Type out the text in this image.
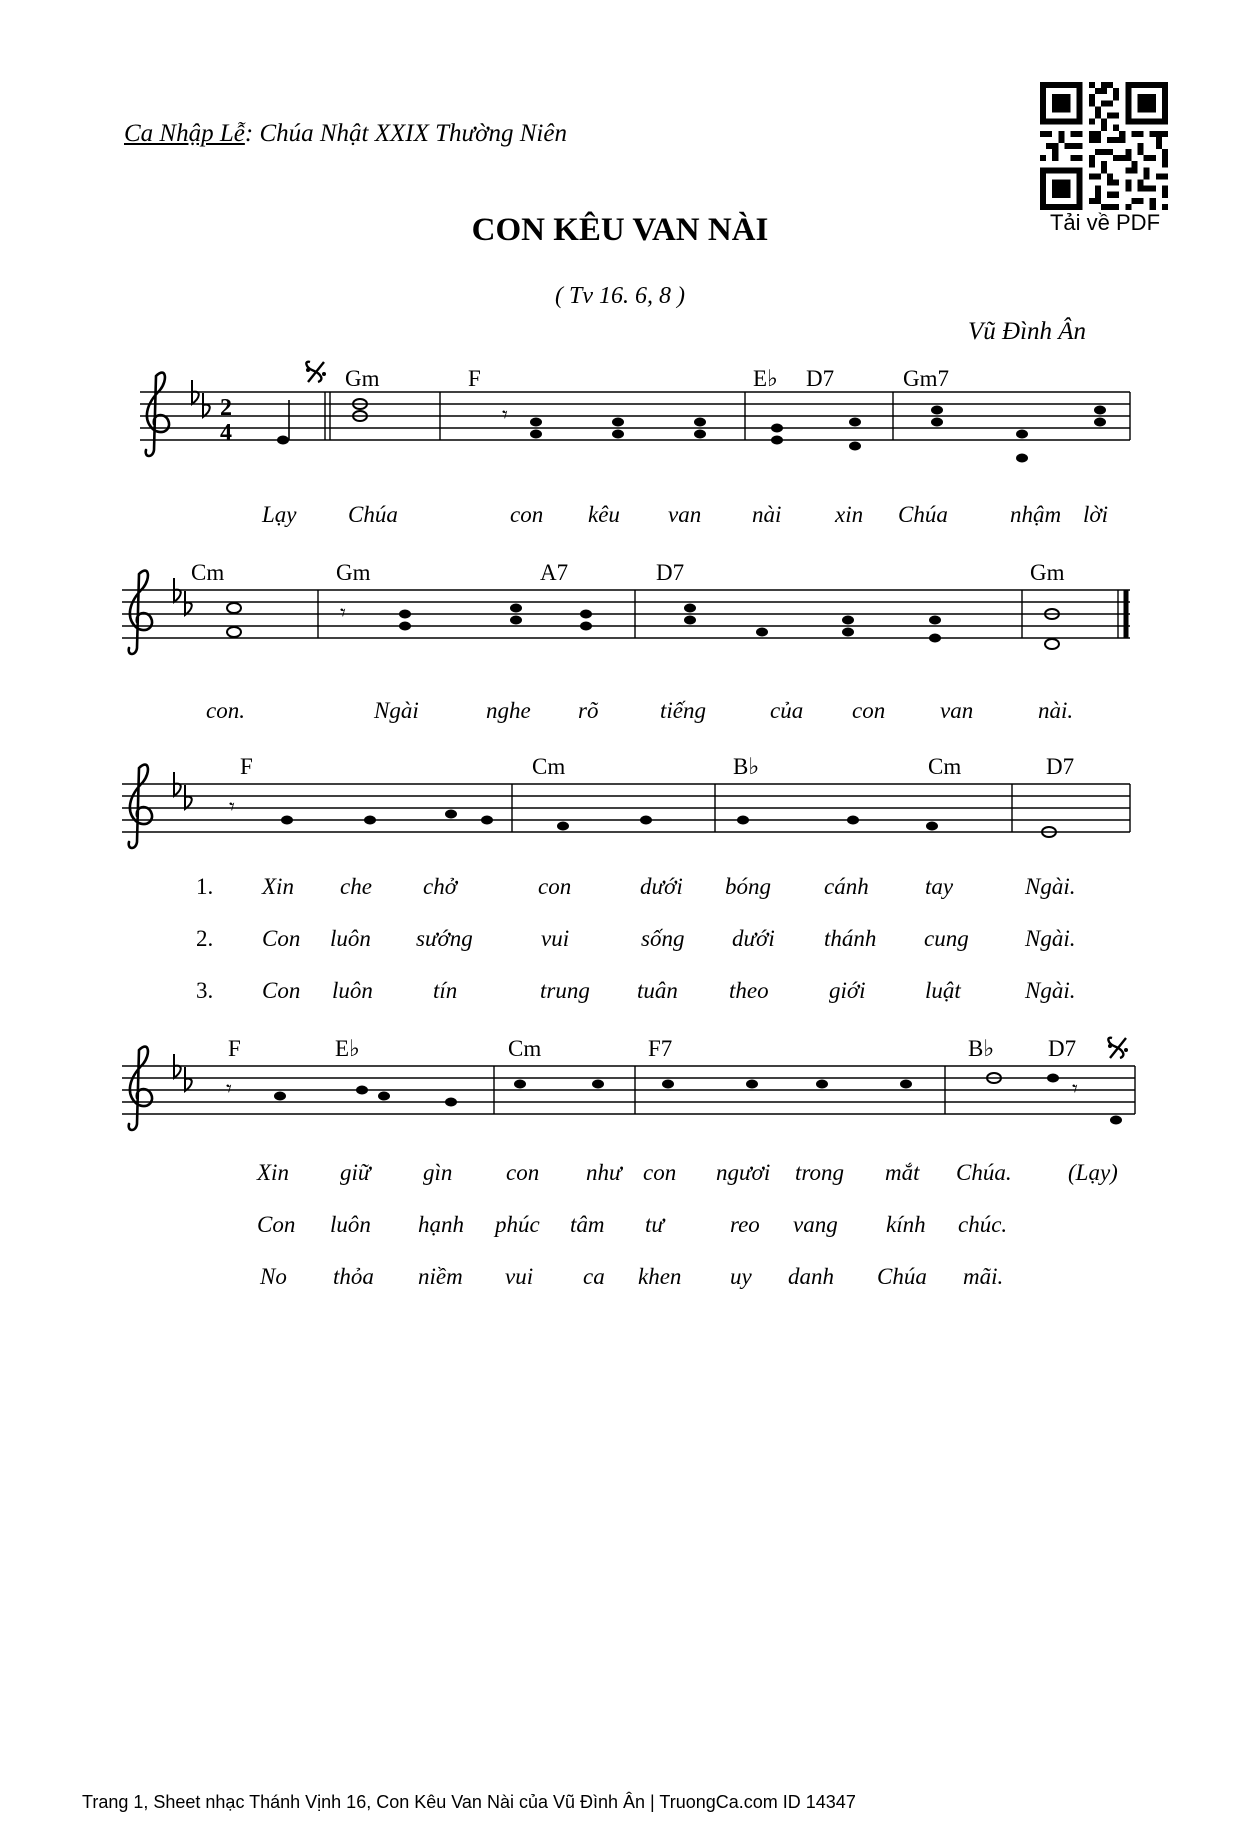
Ca Nhập Lễ: Chúa Nhật XXIX Thường Niên
Tải về PDF
CON KÊU VAN NÀI
( Tv 16. 6, 8 )
Vũ Đình Ân
2
4
𝄾
Gm	F	E♭ D7	Gm7
Lạy Chúa	con kêu van nài xin Chúa	nhậm lời
𝄾
Cm	Gm	A7	D7	Gm
con.	Ngài	nghe rõ	tiếng	của con van	nài.
𝄾
F	Cm	B♭	Cm	D7
1. Xin che chở	con	dưới bóng cánh tay	Ngài.
2. Con luôn sướng	vui	sống dưới thánh cung Ngài.
3. Con luôn	tín	trung tuân theo	giới	luật	Ngài.
𝄾	𝄾
F	E♭	Cm	F7	B♭ D7
Xin giữ gìn con như con ngươi trong mắt Chúa. (Lạy)
Con luôn hạnh phúc tâm tư	reo vang kính chúc.
No thỏa niềm vui ca khen uy danh Chúa mãi.
Trang 1, Sheet nhạc Thánh Vịnh 16, Con Kêu Van Nài của Vũ Đình Ân | TruongCa.com ID 14347
